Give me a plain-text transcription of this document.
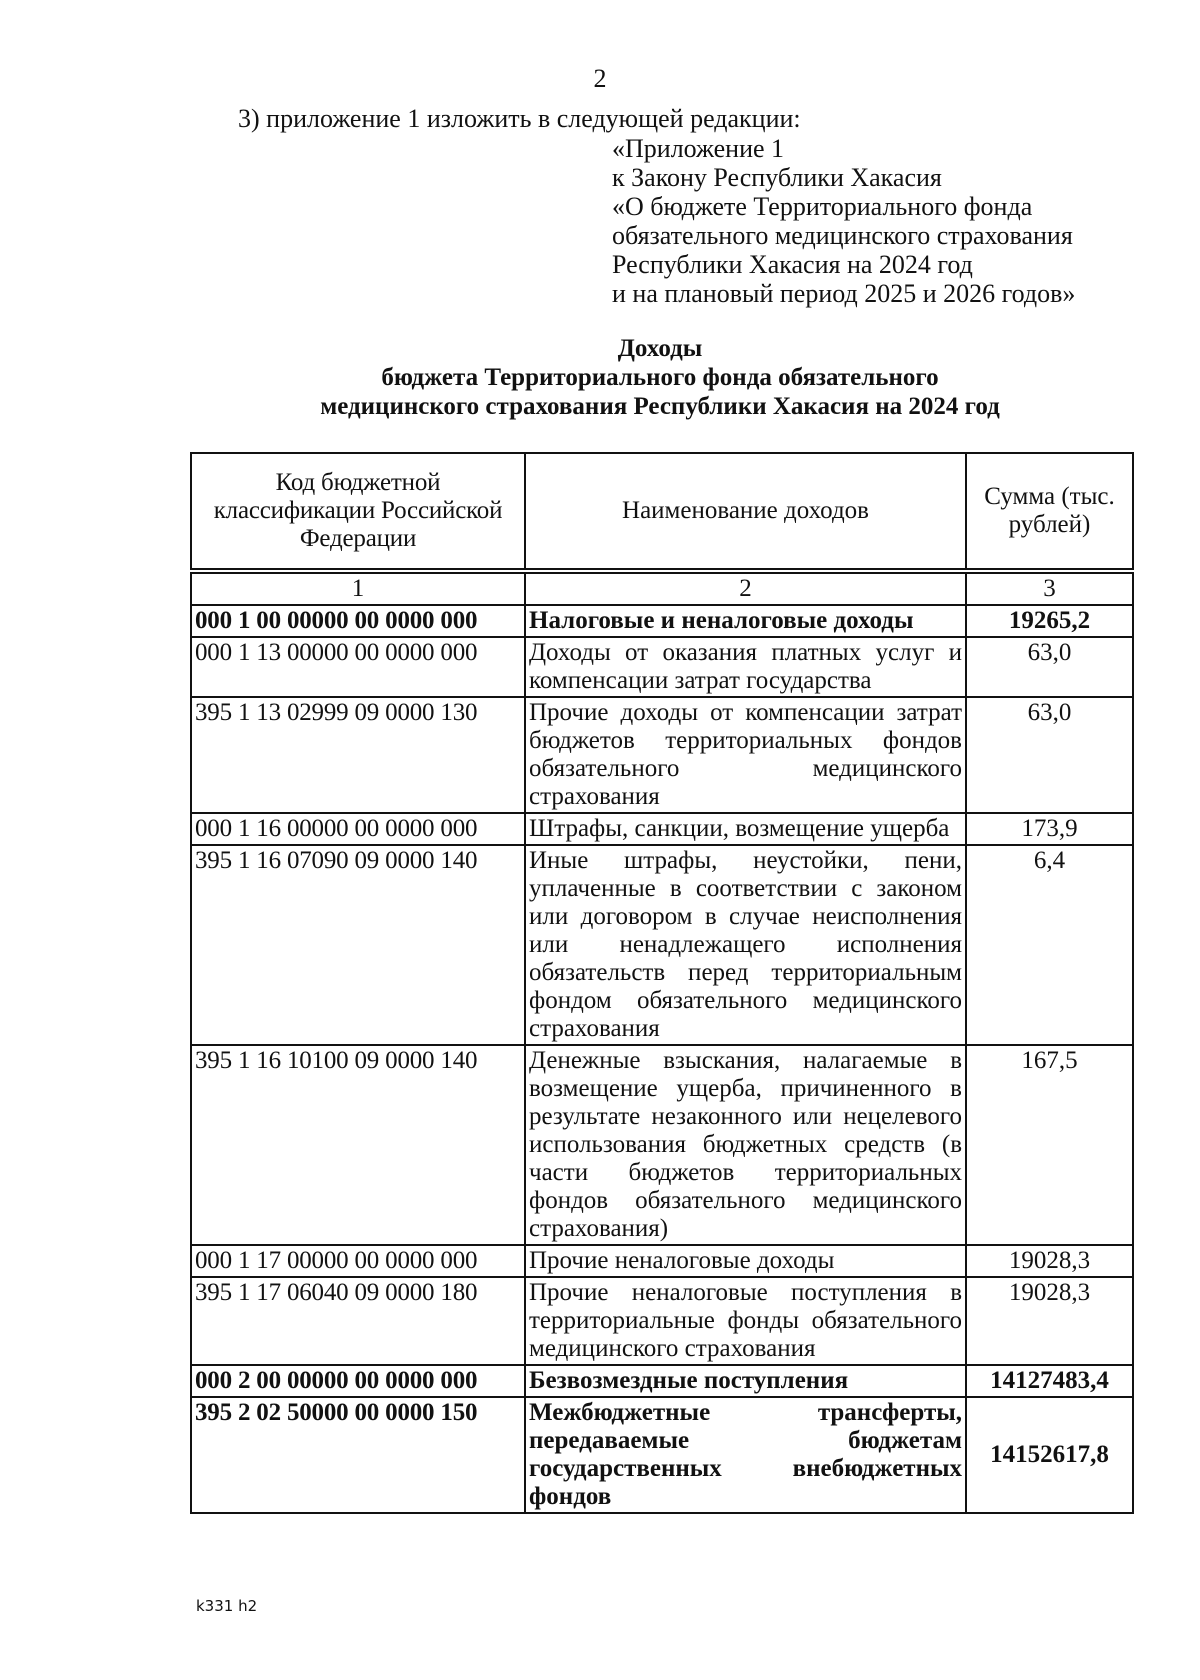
2
3) приложение 1 изложить в следующей редакции:
«Приложение 1
к Закону Республики Хакасия
«О бюджете Территориального фонда
обязательного медицинского страхования
Республики Хакасия на 2024 год
и на плановый период 2025 и 2026 годов»
Доходы
бюджета Территориального фонда обязательного
медицинского страхования Республики Хакасия на 2024 год
Код бюджетной классификации Российской Федерации	Наименование доходов	Сумма (тыс. рублей)

1	2	3
000 1 00 00000 00 0000 000	Налоговые и неналоговые доходы	19265,2
000 1 13 00000 00 0000 000	Доходы от оказания платных услуг и компенсации затрат государства	63,0
395 1 13 02999 09 0000 130	Прочие доходы от компенсации затрат бюджетов территориальных фондов обязательного медицинского страхования	63,0
000 1 16 00000 00 0000 000	Штрафы, санкции, возмещение ущерба	173,9
395 1 16 07090 09 0000 140	Иные штрафы, неустойки, пени, уплаченные в соответствии с законом или договором в случае неисполнения или ненадлежащего исполнения обязательств перед территориальным фондом обязательного медицинского страхования	6,4
395 1 16 10100 09 0000 140	Денежные взыскания, налагаемые в возмещение ущерба, причиненного в результате незаконного или нецелевого использования бюджетных средств (в части бюджетов территориальных фондов обязательного медицинского страхования)	167,5
000 1 17 00000 00 0000 000	Прочие неналоговые доходы	19028,3
395 1 17 06040 09 0000 180	Прочие неналоговые поступления в территориальные фонды обязательного медицинского страхования	19028,3
000 2 00 00000 00 0000 000	Безвозмездные поступления	14127483,4
395 2 02 50000 00 0000 150	Межбюджетные трансферты, передаваемые бюджетам государственных внебюджетных фондов	14152617,8
k331 h2
